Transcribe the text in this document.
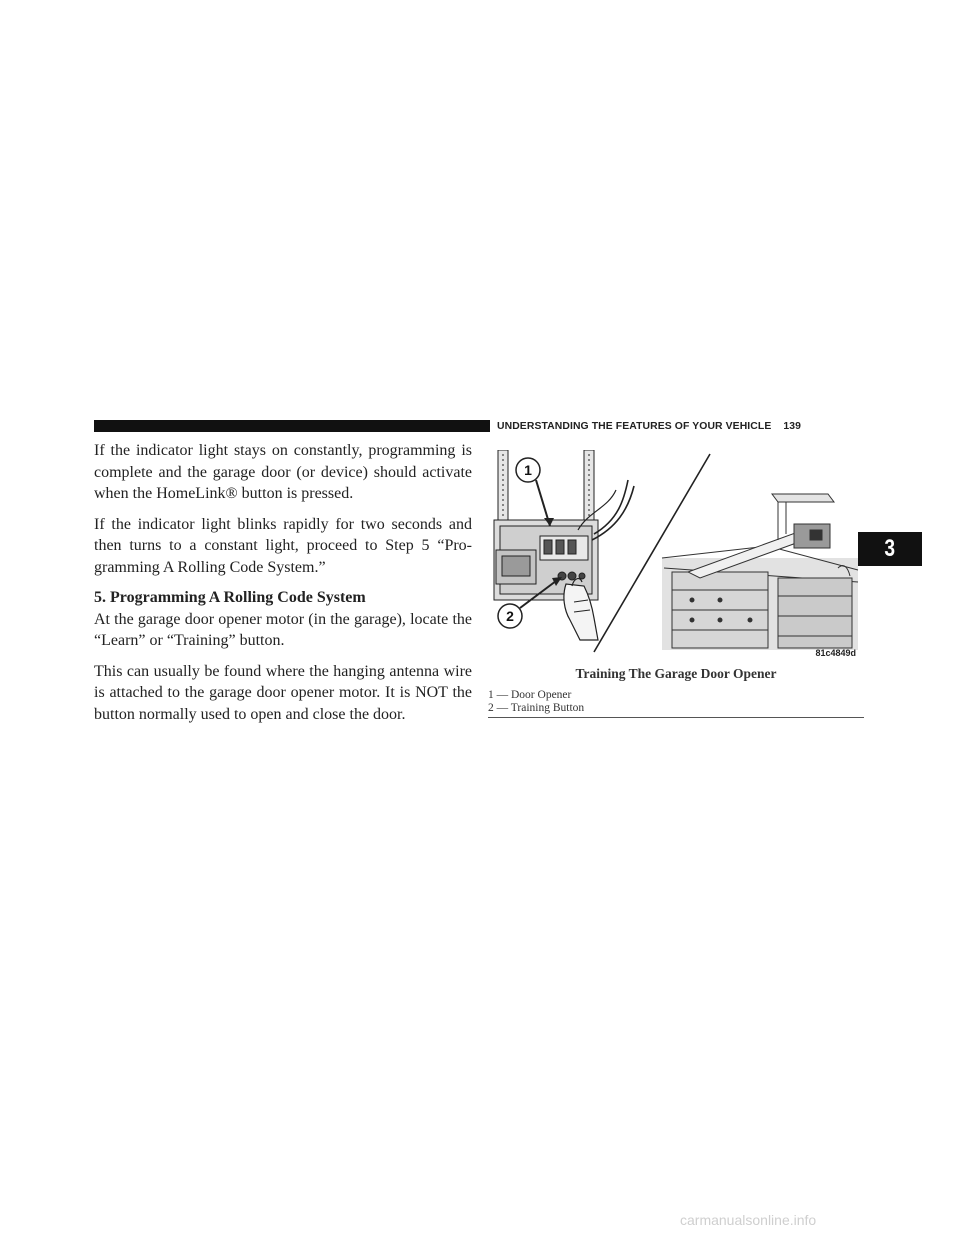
UNDERSTANDING THE FEATURES OF YOUR VEHICLE 139

If the indicator light stays on constantly, programming is complete and the garage door (or device) should activate when the HomeLink® button is pressed.

If the indicator light blinks rapidly for two seconds and then turns to a constant light, proceed to Step 5 “Pro-gramming A Rolling Code System.”

5. Programming A Rolling Code System

At the garage door opener motor (in the garage), locate the “Learn” or “Training” button.

This can usually be found where the hanging antenna wire is attached to the garage door opener motor. It is NOT the button normally used to open and close the door.

1
2
81c4849d
Training The Garage Door Opener
1 — Door Opener
2 — Training Button
3
carmanualsonline.info
